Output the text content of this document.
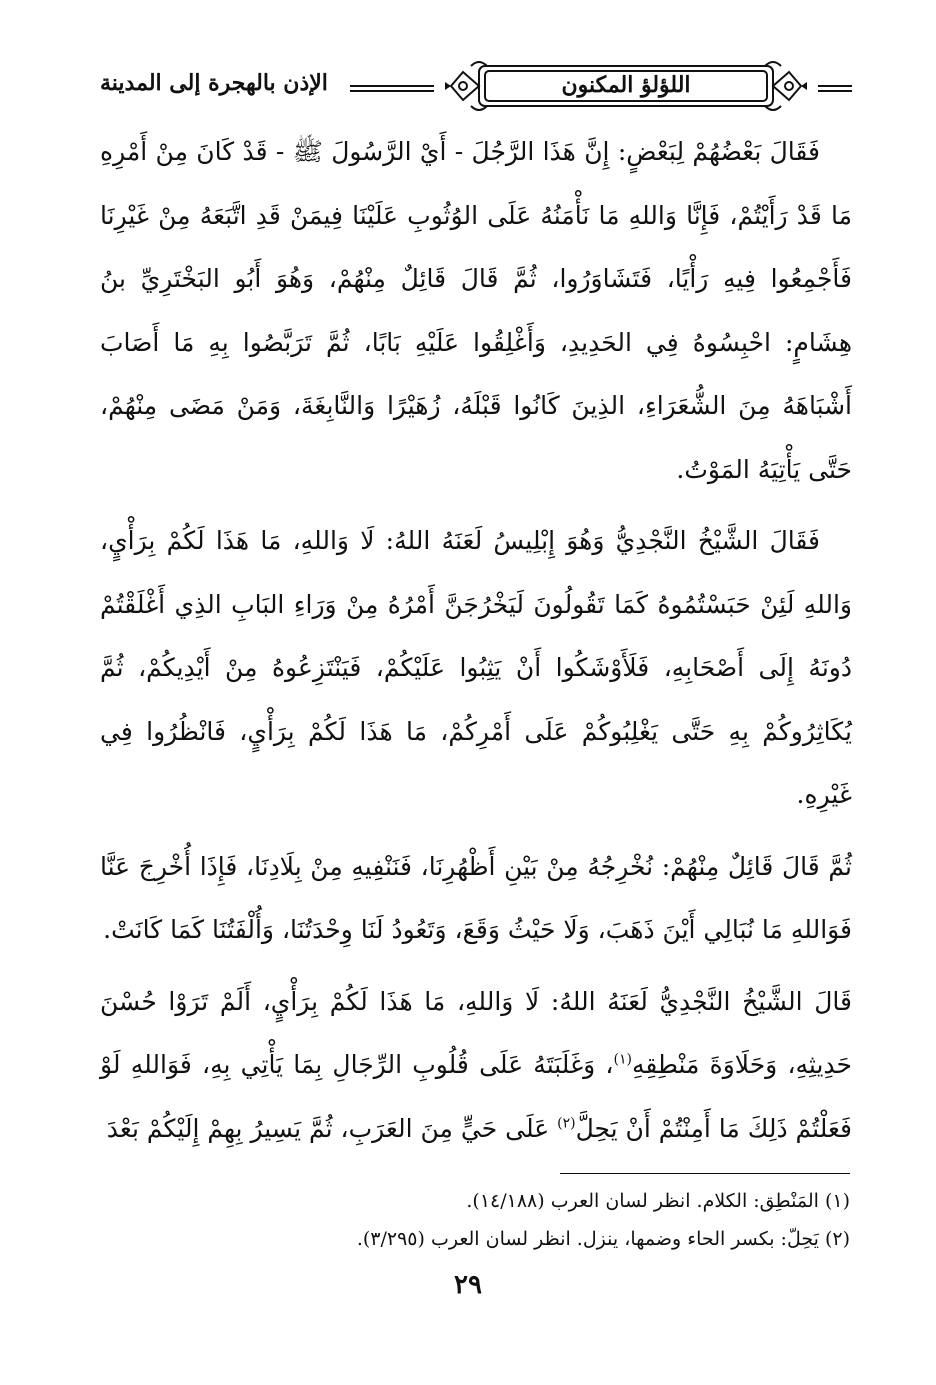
الإذن بالهجرة إلى المدينة	اللؤلؤ المكنون

فَقَالَ بَعْضُهُمْ لِبَعْضٍ: إِنَّ هَذَا الرَّجُلَ - أَيْ الرَّسُولَ ﷺ - قَدْ كَانَ مِنْ أَمْرِهِ مَا قَدْ رَأَيْتُمْ، فَإِنَّا وَاللهِ مَا نَأْمَنُهُ عَلَى الوُثُوبِ عَلَيْنَا فِيمَنْ قَدِ اتَّبَعَهُ مِنْ غَيْرِنَا فَأَجْمِعُوا فِيهِ رَأْيًا، فَتَشَاوَرُوا، ثُمَّ قَالَ قَائِلٌ مِنْهُمْ، وَهُوَ أَبُو البَخْتَرِيِّ بنُ هِشَامٍ: احْبِسُوهُ فِي الحَدِيدِ، وَأَغْلِقُوا عَلَيْهِ بَابًا، ثُمَّ تَرَبَّصُوا بِهِ مَا أَصَابَ أَشْبَاهَهُ مِنَ الشُّعَرَاءِ، الذِينَ كَانُوا قَبْلَهُ، زُهَيْرًا وَالنَّابِغَةَ، وَمَنْ مَضَى مِنْهُمْ، حَتَّى يَأْتِيَهُ المَوْتُ.

فَقَالَ الشَّيْخُ النَّجْدِيُّ وَهُوَ إِبْلِيسُ لَعَنَهُ اللهُ: لَا وَاللهِ، مَا هَذَا لَكُمْ بِرَأْيٍ، وَاللهِ لَئِنْ حَبَسْتُمُوهُ كَمَا تَقُولُونَ لَيَخْرُجَنَّ أَمْرُهُ مِنْ وَرَاءِ البَابِ الذِي أَغْلَقْتُمْ دُونَهُ إِلَى أَصْحَابِهِ، فَلَأَوْشَكُوا أَنْ يَثِبُوا عَلَيْكُمْ، فَيَنْتَزِعُوهُ مِنْ أَيْدِيكُمْ، ثُمَّ يُكَاثِرُوكُمْ بِهِ حَتَّى يَغْلِبُوكُمْ عَلَى أَمْرِكُمْ، مَا هَذَا لَكُمْ بِرَأْيٍ، فَانْظُرُوا فِي غَيْرِهِ.

ثُمَّ قَالَ قَائِلٌ مِنْهُمْ: نُخْرِجُهُ مِنْ بَيْنِ أَظْهُرِنَا، فَنَنْفِيهِ مِنْ بِلَادِنَا، فَإِذَا أُخْرِجَ عَنَّا فَوَاللهِ مَا نُبَالِي أَيْنَ ذَهَبَ، وَلَا حَيْثُ وَقَعَ، وَتَعُودُ لَنَا وِحْدَتُنَا، وَأُلْفَتُنَا كَمَا كَانَتْ.

قَالَ الشَّيْخُ النَّجْدِيُّ لَعَنَهُ اللهُ: لَا وَاللهِ، مَا هَذَا لَكُمْ بِرَأْيٍ، أَلَمْ تَرَوْا حُسْنَ حَدِيثِهِ، وَحَلَاوَةَ مَنْطِقِهِ$^{(١)}$، وَغَلَبَتَهُ عَلَى قُلُوبِ الرِّجَالِ بِمَا يَأْتِي بِهِ، فَوَاللهِ لَوْ فَعَلْتُمْ ذَلِكَ مَا أَمِنْتُمْ أَنْ يَحِلَّ$^{(٢)}$ عَلَى حَيٍّ مِنَ العَرَبِ، ثُمَّ يَسِيرُ بِهِمْ إِلَيْكُمْ بَعْدَ

(١) المَنْطِق: الكلام. انظر لسان العرب (١٤/١٨٨).
(٢) يَحِلّ: بكسر الحاء وضمها، ينزل. انظر لسان العرب (٣/٢٩٥).
٢٩
